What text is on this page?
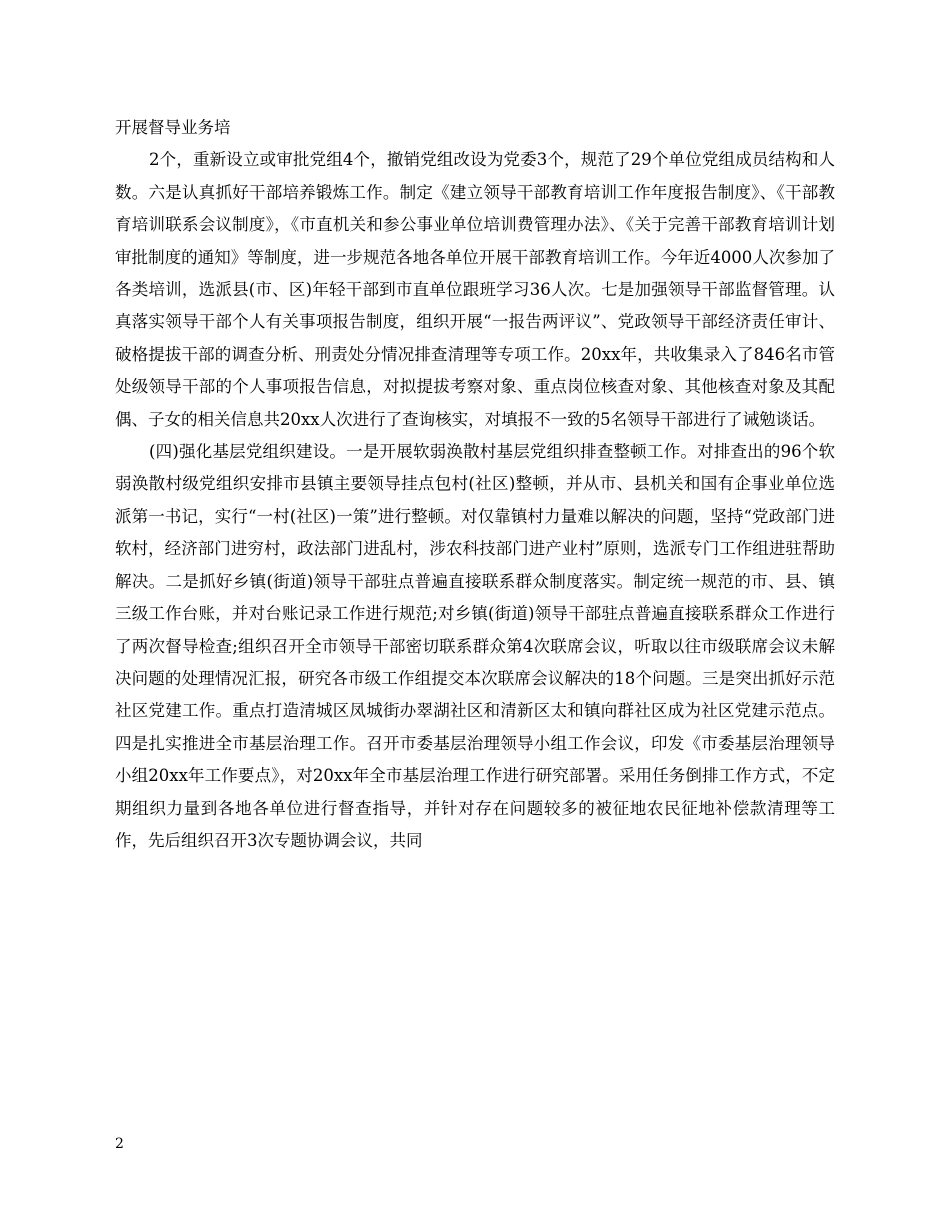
开展督导业务培

2个，重新设立或审批党组4个，撤销党组改设为党委3个，规范了29个单位党组成员结构和人数。六是认真抓好干部培养锻炼工作。制定《建立领导干部教育培训工作年度报告制度》、《干部教育培训联系会议制度》，《市直机关和参公事业单位培训费管理办法》、《关于完善干部教育培训计划审批制度的通知》等制度，进一步规范各地各单位开展干部教育培训工作。今年近4000人次参加了各类培训，选派县(市、区)年轻干部到市直单位跟班学习36人次。七是加强领导干部监督管理。认真落实领导干部个人有关事项报告制度，组织开展“一报告两评议”、党政领导干部经济责任审计、破格提拔干部的调查分析、刑责处分情况排查清理等专项工作。20xx年，共收集录入了846名市管处级领导干部的个人事项报告信息，对拟提拔考察对象、重点岗位核查对象、其他核查对象及其配偶、子女的相关信息共20xx人次进行了查询核实，对填报不一致的5名领导干部进行了诫勉谈话。

(四)强化基层党组织建设。一是开展软弱涣散村基层党组织排查整顿工作。对排查出的96个软弱涣散村级党组织安排市县镇主要领导挂点包村(社区)整顿，并从市、县机关和国有企事业单位选派第一书记，实行“一村(社区)一策”进行整顿。对仅靠镇村力量难以解决的问题，坚持“党政部门进软村，经济部门进穷村，政法部门进乱村，涉农科技部门进产业村”原则，选派专门工作组进驻帮助解决。二是抓好乡镇(街道)领导干部驻点普遍直接联系群众制度落实。制定统一规范的市、县、镇三级工作台账，并对台账记录工作进行规范;对乡镇(街道)领导干部驻点普遍直接联系群众工作进行了两次督导检查;组织召开全市领导干部密切联系群众第4次联席会议，听取以往市级联席会议未解决问题的处理情况汇报，研究各市级工作组提交本次联席会议解决的18个问题。三是突出抓好示范社区党建工作。重点打造清城区凤城街办翠湖社区和清新区太和镇向群社区成为社区党建示范点。四是扎实推进全市基层治理工作。召开市委基层治理领导小组工作会议，印发《市委基层治理领导小组20xx年工作要点》，对20xx年全市基层治理工作进行研究部署。采用任务倒排工作方式，不定期组织力量到各地各单位进行督查指导，并针对存在问题较多的被征地农民征地补偿款清理等工作，先后组织召开3次专题协调会议，共同

2
